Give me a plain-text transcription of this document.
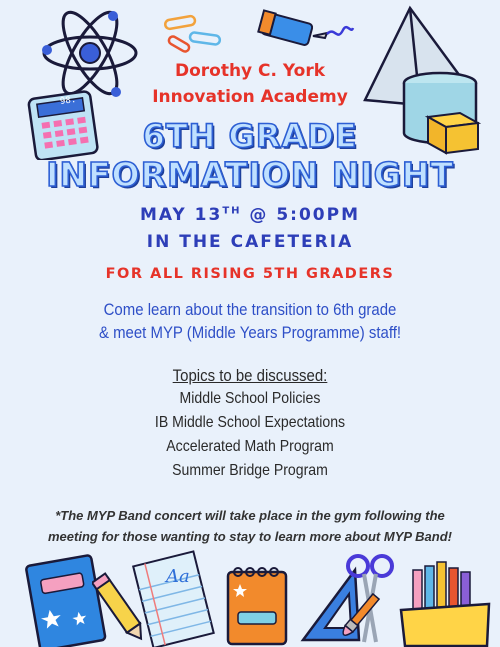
98.
Dorothy C. York
Innovation Academy
6TH GRADE
INFORMATION NIGHT
MAY 13TH @ 5:00PM
IN THE CAFETERIA
FOR ALL RISING 5TH GRADERS
Come learn about the transition to 6th grade
& meet MYP (Middle Years Programme) staff!
Topics to be discussed:
Middle School Policies
IB Middle School Expectations
Accelerated Math Program
Summer Bridge Program
*The MYP Band concert will take place in the gym following the
meeting for those wanting to stay to learn more about MYP Band!
Aa
